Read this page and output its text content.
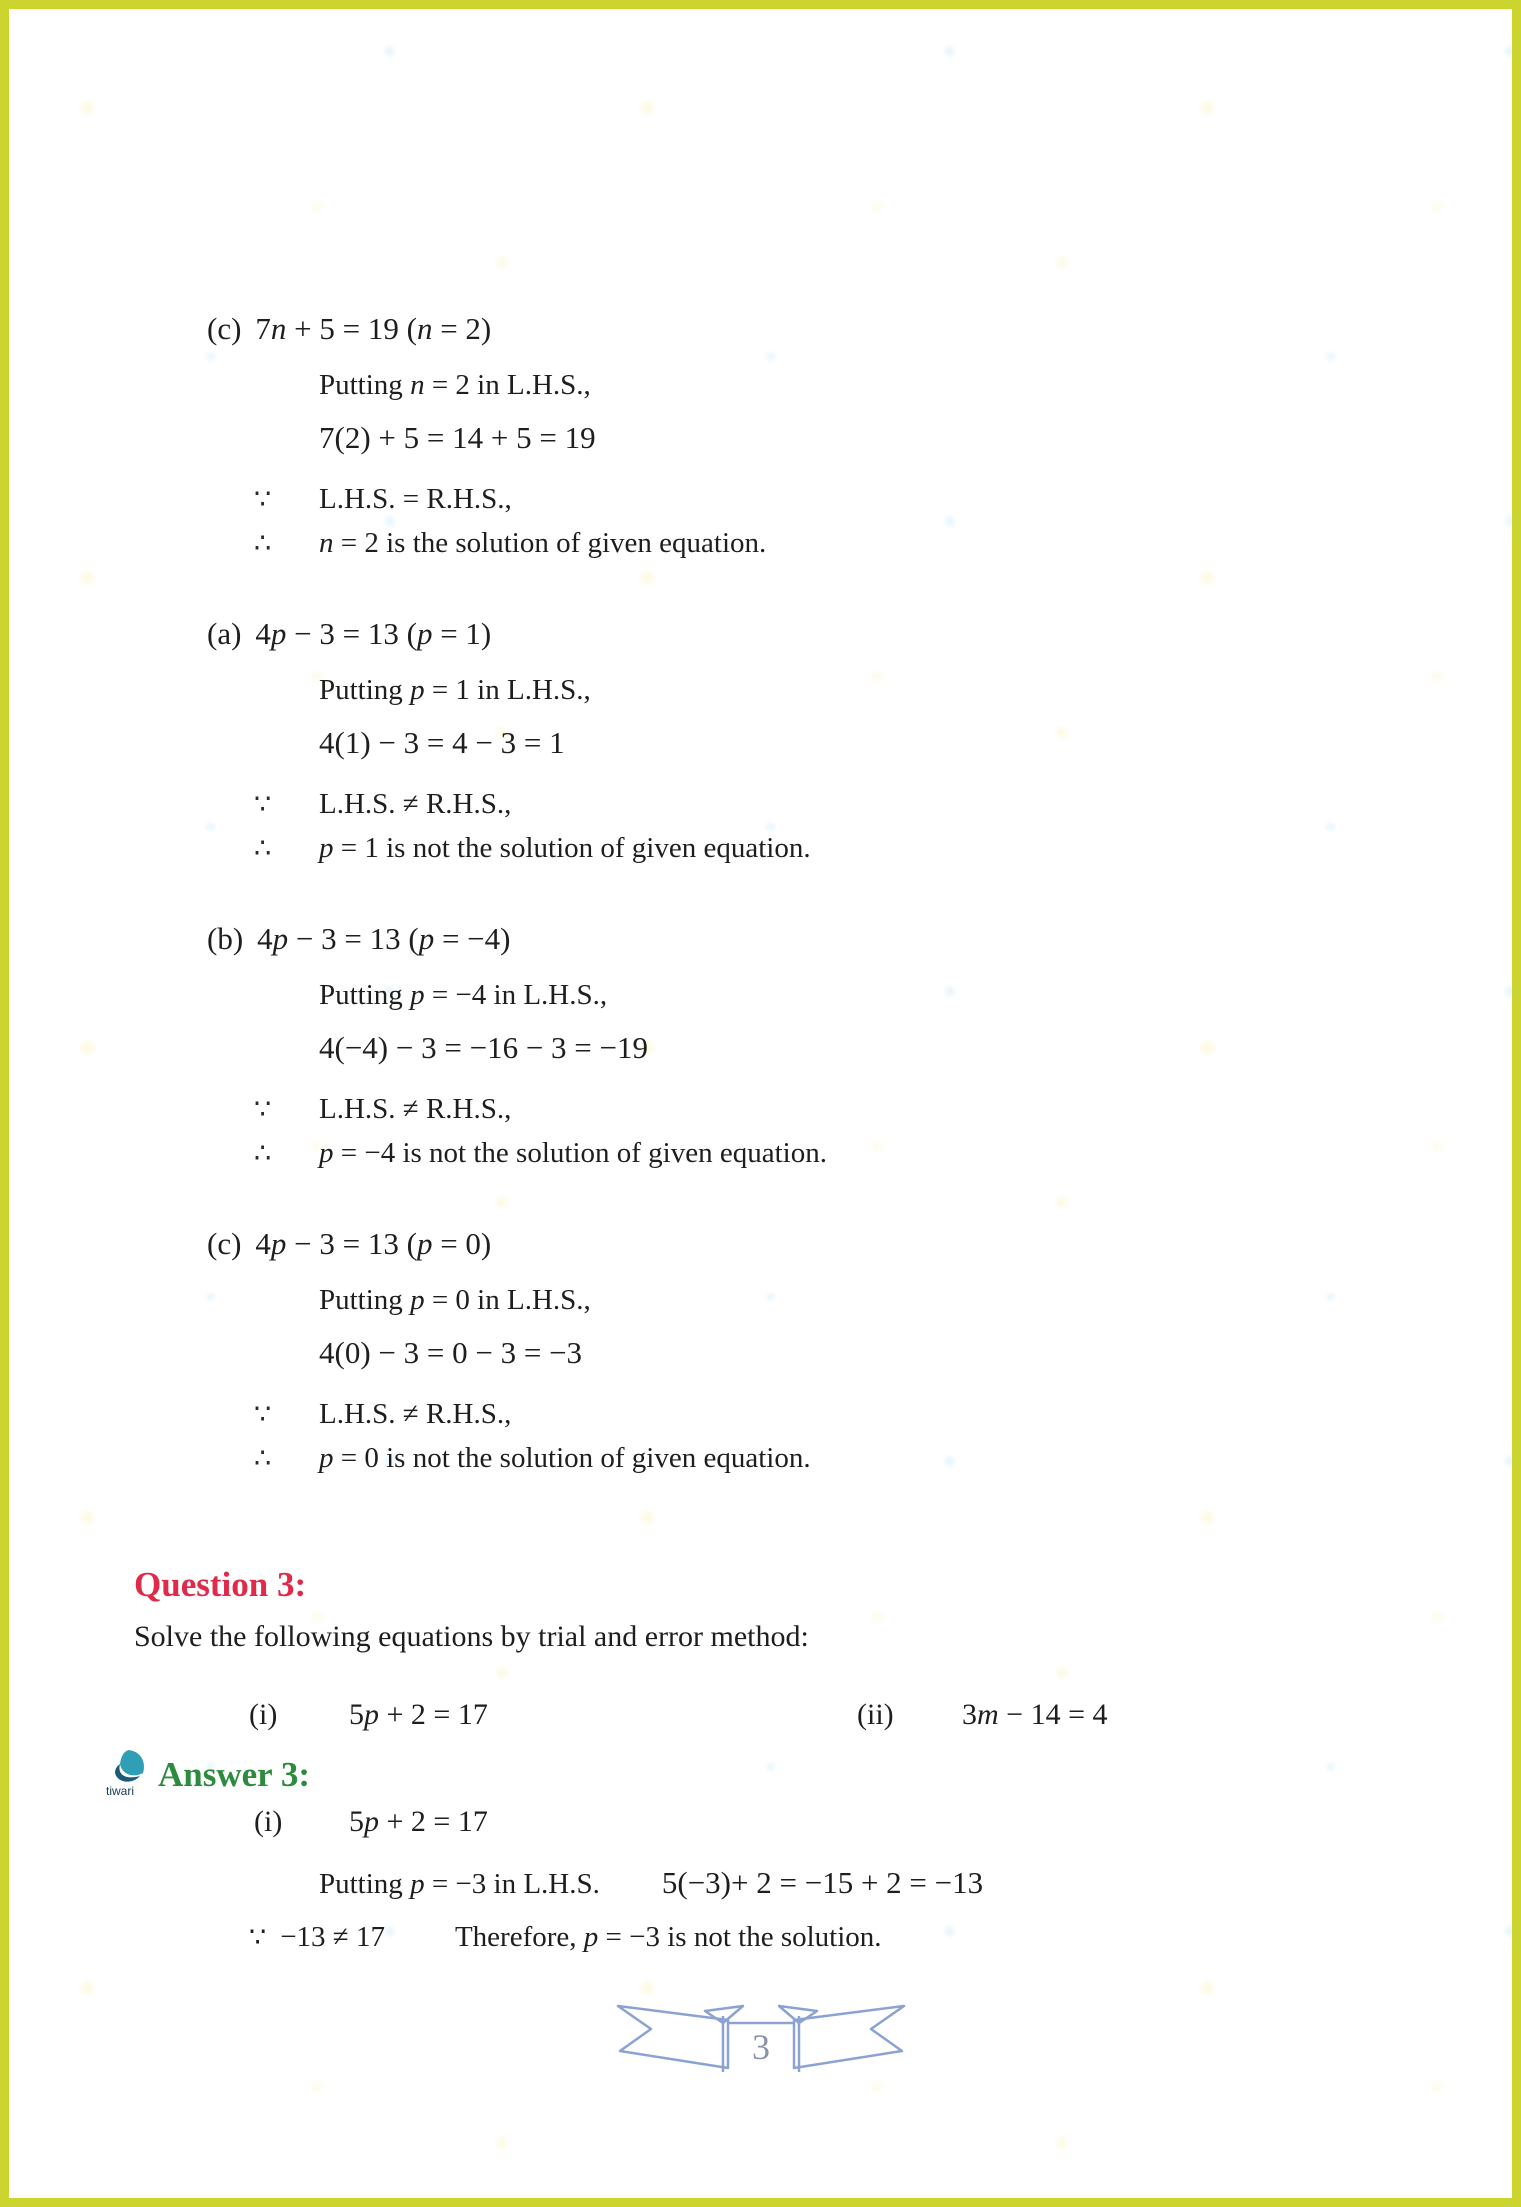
(c) 7n + 5 = 19 (n = 2)
Putting n = 2 in L.H.S.,
7(2) + 5 = 14 + 5 = 19
∵ L.H.S. = R.H.S.,
∴ n = 2 is the solution of given equation.
(a) 4p − 3 = 13 (p = 1)
Putting p = 1 in L.H.S.,
4(1) − 3 = 4 − 3 = 1
∵ L.H.S. ≠ R.H.S.,
∴ p = 1 is not the solution of given equation.
(b) 4p − 3 = 13 (p = −4)
Putting p = −4 in L.H.S.,
4(−4) − 3 = −16 − 3 = −19
∵ L.H.S. ≠ R.H.S.,
∴ p = −4 is not the solution of given equation.
(c) 4p − 3 = 13 (p = 0)
Putting p = 0 in L.H.S.,
4(0) − 3 = 0 − 3 = −3
∵ L.H.S. ≠ R.H.S.,
∴ p = 0 is not the solution of given equation.
Question 3:
Solve the following equations by trial and error method:
(i) 5p + 2 = 17	(ii) 3m − 14 = 4
tiwari Answer 3:
(i) 5p + 2 = 17
Putting p = −3 in L.H.S. 5(−3)+ 2 = −15 + 2 = −13
∵ −13 ≠ 17 Therefore, p = −3 is not the solution.
3
